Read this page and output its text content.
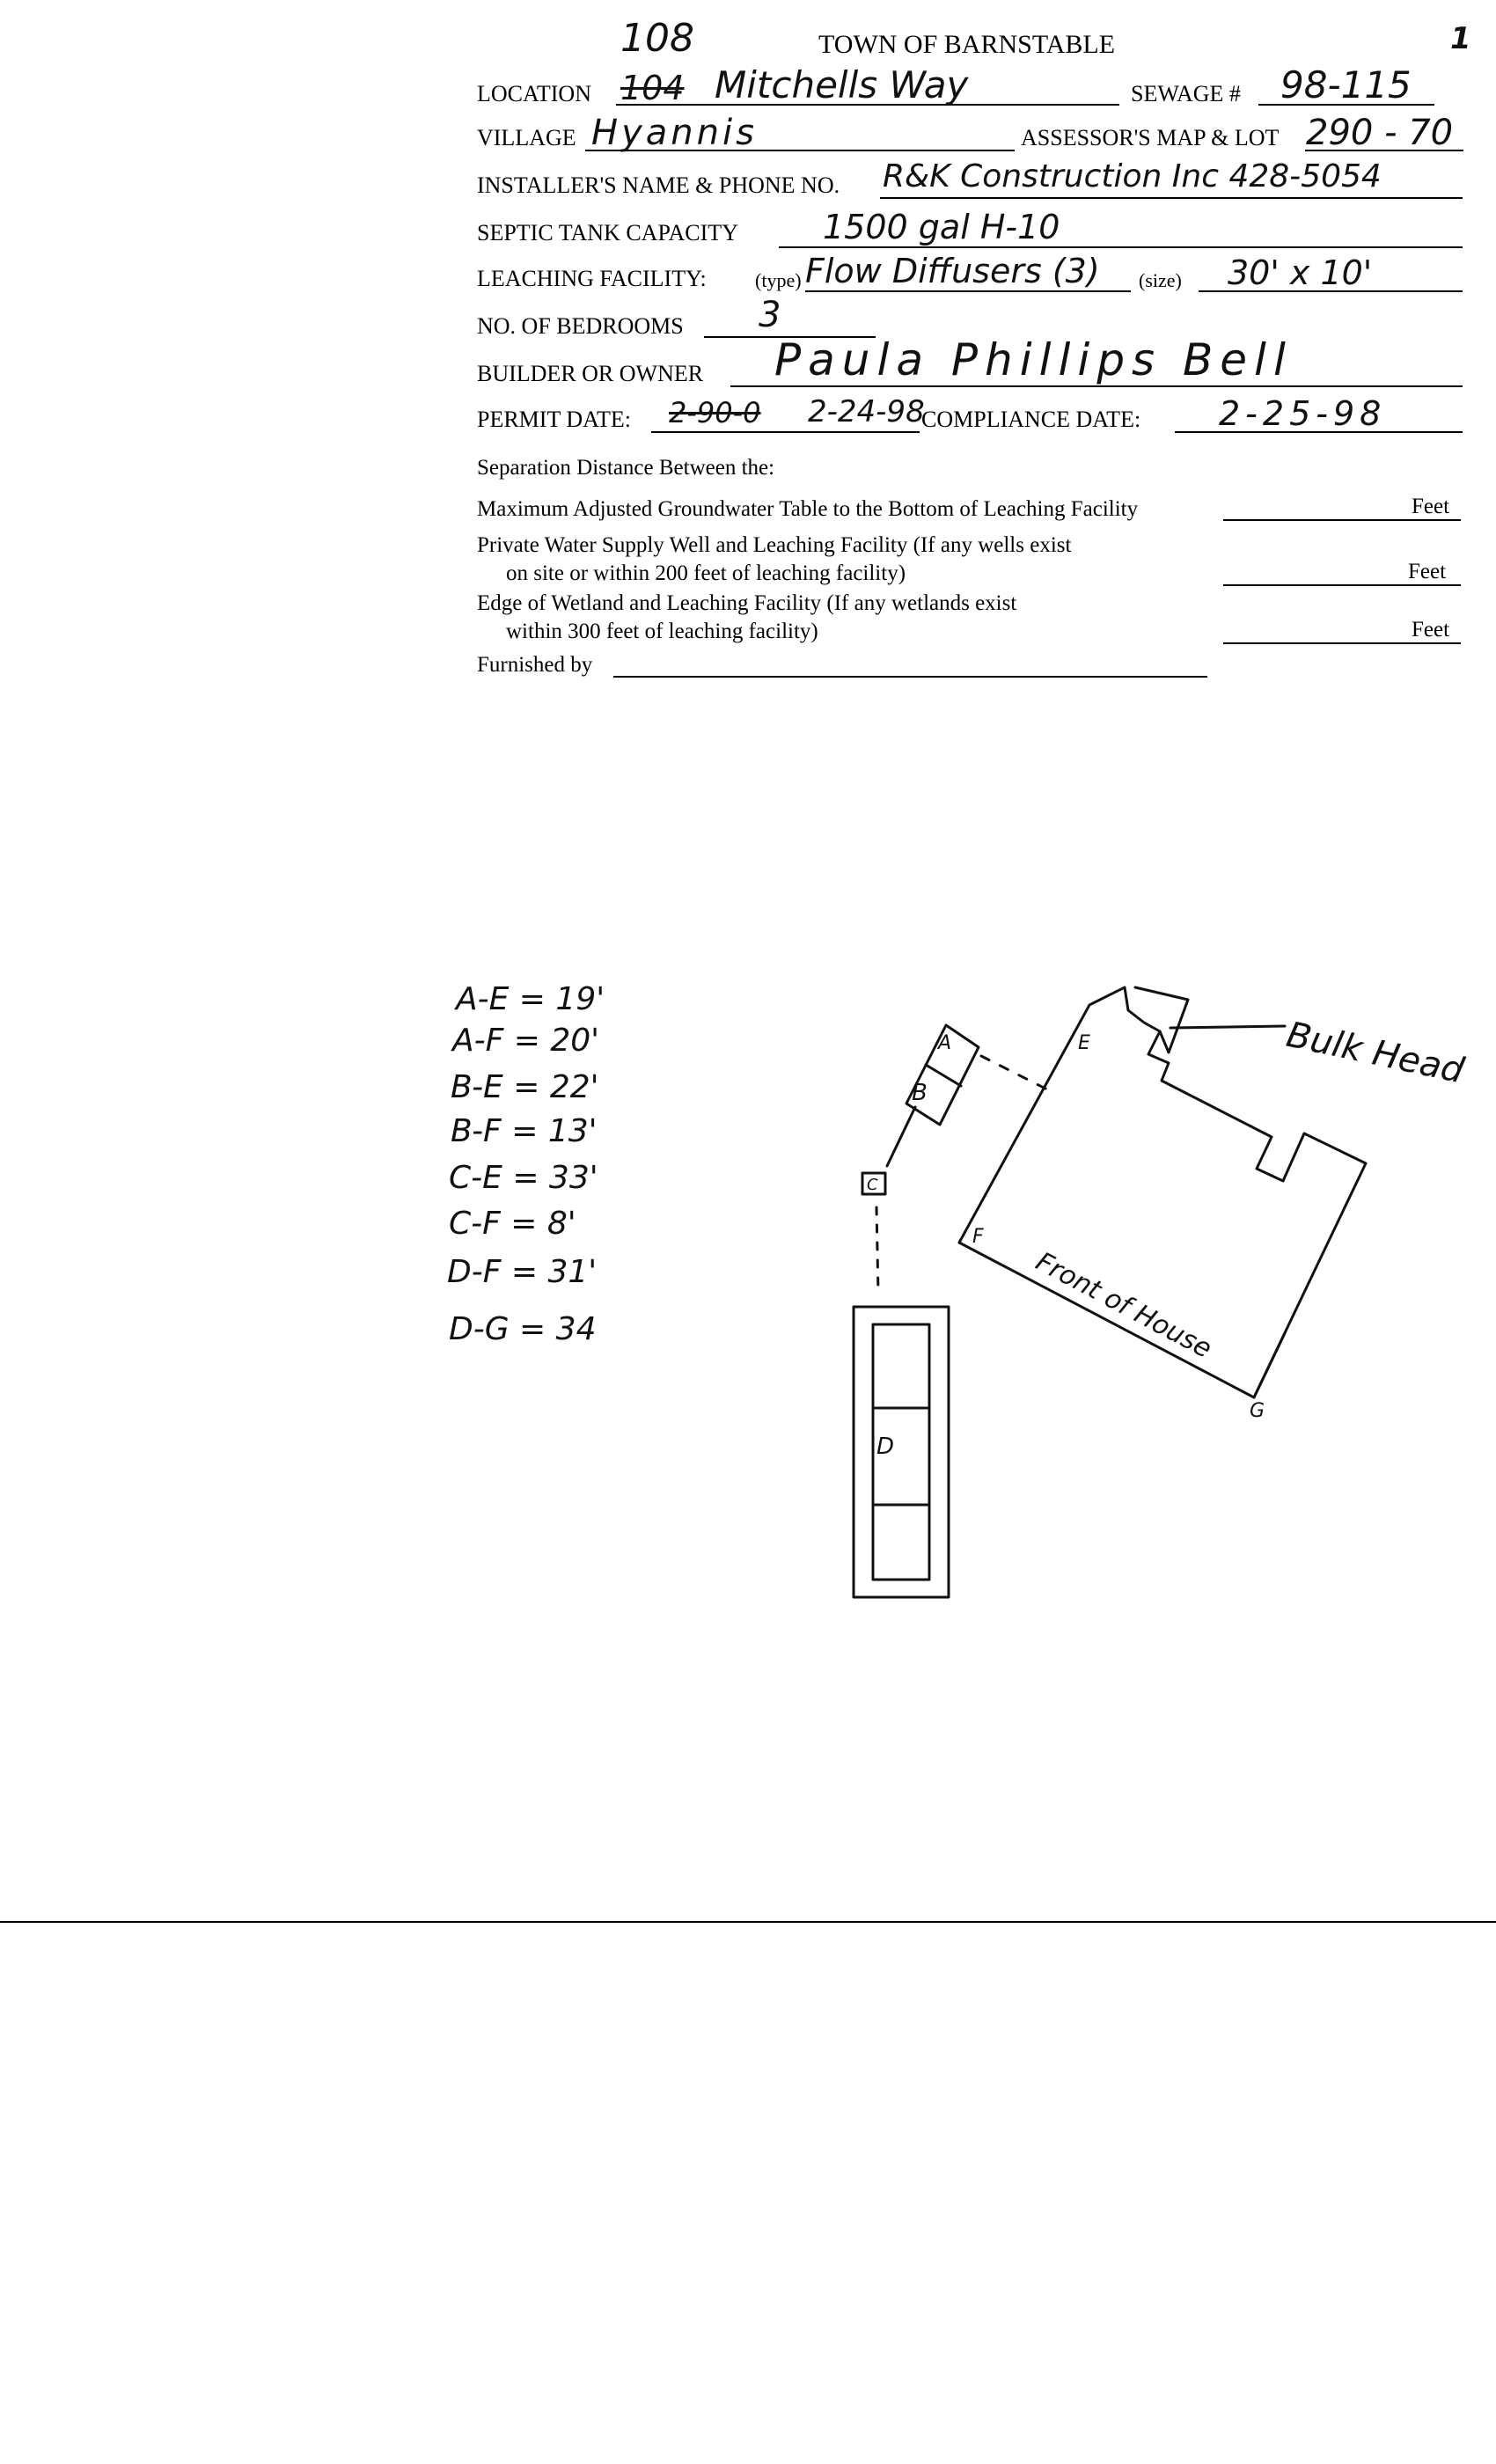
108	TOWN OF BARNSTABLE	1
LOCATION 104 Mitchells Way	SEWAGE # 98-115
VILLAGE Hyannis	ASSESSOR'S MAP & LOT 290 - 70
INSTALLER'S NAME & PHONE NO. R&K Construction Inc 428-5054
SEPTIC TANK CAPACITY	1500 gal H-10
LEACHING FACILITY:	(type) Flow Diffusers (3) (size) 30' x 10'
NO. OF BEDROOMS 3
BUILDER OR OWNER Paula Phillips Bell
PERMIT DATE: 2-90-0 2-24-98
COMPLIANCE DATE: 2-25-98
Separation Distance Between the:
Maximum Adjusted Groundwater Table to the Bottom of Leaching Facility	Feet
Private Water Supply Well and Leaching Facility (If any wells exist
on site or within 200 feet of leaching facility)	Feet
Edge of Wetland and Leaching Facility (If any wetlands exist
within 300 feet of leaching facility)	Feet
Furnished by
A-E = 19'
A-F = 20'
B-E = 22'
B-F = 13'
C-E = 33'
C-F = 8'
D-F = 31'
D-G = 34
A
B
C
D
E
F
G
Bulk Head
Front of House
